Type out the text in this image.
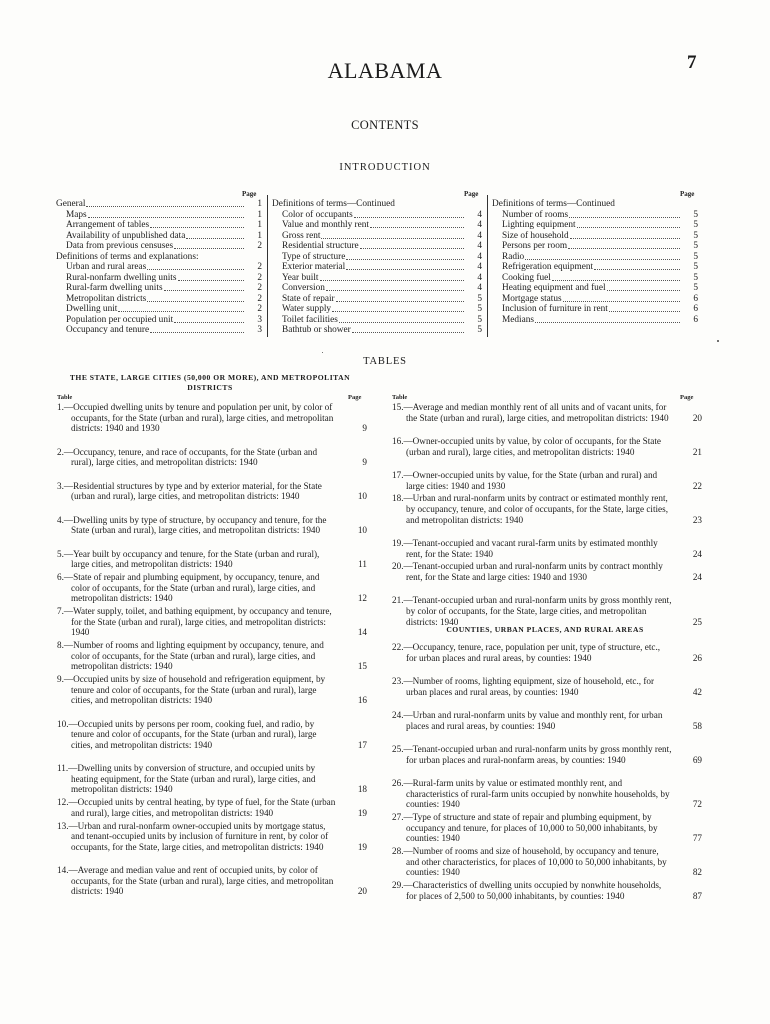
ALABAMA	7
CONTENTS
INTRODUCTION
Page	Page	Page
General	1
Maps	1
Arrangement of tables	1
Availability of unpublished data	1
Data from previous censuses	2
Definitions of terms and explanations:
Urban and rural areas	2
Rural-nonfarm dwelling units	2
Rural-farm dwelling units	2
Metropolitan districts	2
Dwelling unit	2
Population per occupied unit	3
Occupancy and tenure	3
Definitions of terms—Continued
Color of occupants	4
Value and monthly rent	4
Gross rent	4
Residential structure	4
Type of structure	4
Exterior material	4
Year built	4
Conversion	4
State of repair	5
Water supply	5
Toilet facilities	5
Bathtub or shower	5
Definitions of terms—Continued
Number of rooms	5
Lighting equipment	5
Size of household	5
Persons per room	5
Radio	5
Refrigeration equipment	5
Cooking fuel	5
Heating equipment and fuel	5
Mortgage status	6
Inclusion of furniture in rent	6
Medians	6
TABLES
THE STATE, LARGE CITIES (50,000 OR MORE), AND METROPOLITAN DISTRICTS
Table	Page	Table	Page
1.—Occupied dwelling units by tenure and population per unit, by color of occupants, for the State (urban and rural), large cities, and metropolitan districts: 1940 and 1930	9
2.—Occupancy, tenure, and race of occupants, for the State (urban and rural), large cities, and metropolitan districts: 1940	9
3.—Residential structures by type and by exterior material, for the State (urban and rural), large cities, and metropolitan districts: 1940	10
4.—Dwelling units by type of structure, by occupancy and tenure, for the State (urban and rural), large cities, and metropolitan districts: 1940	10
5.—Year built by occupancy and tenure, for the State (urban and rural), large cities, and metropolitan districts: 1940	11
6.—State of repair and plumbing equipment, by occupancy, tenure, and color of occupants, for the State (urban and rural), large cities, and metropolitan districts: 1940	12
7.—Water supply, toilet, and bathing equipment, by occupancy and tenure, for the State (urban and rural), large cities, and metropolitan districts: 1940	14
8.—Number of rooms and lighting equipment by occupancy, tenure, and color of occupants, for the State (urban and rural), large cities, and metropolitan districts: 1940	15
9.—Occupied units by size of household and refrigeration equipment, by tenure and color of occupants, for the State (urban and rural), large cities, and metropolitan districts: 1940	16
10.—Occupied units by persons per room, cooking fuel, and radio, by tenure and color of occupants, for the State (urban and rural), large cities, and metropolitan districts: 1940	17
11.—Dwelling units by conversion of structure, and occupied units by heating equipment, for the State (urban and rural), large cities, and metropolitan districts: 1940	18
12.—Occupied units by central heating, by type of fuel, for the State (urban and rural), large cities, and metropolitan districts: 1940	19
13.—Urban and rural-nonfarm owner-occupied units by mortgage status, and tenant-occupied units by inclusion of furniture in rent, by color of occupants, for the State, large cities, and metropolitan districts: 1940	19
14.—Average and median value and rent of occupied units, by color of occupants, for the State (urban and rural), large cities, and metropolitan districts: 1940	20
15.—Average and median monthly rent of all units and of vacant units, for the State (urban and rural), large cities, and metropolitan districts: 1940	20
16.—Owner-occupied units by value, by color of occupants, for the State (urban and rural), large cities, and metropolitan districts: 1940	21
17.—Owner-occupied units by value, for the State (urban and rural) and large cities: 1940 and 1930	22
18.—Urban and rural-nonfarm units by contract or estimated monthly rent, by occupancy, tenure, and color of occupants, for the State, large cities, and metropolitan districts: 1940	23
19.—Tenant-occupied and vacant rural-farm units by estimated monthly rent, for the State: 1940	24
20.—Tenant-occupied urban and rural-nonfarm units by contract monthly rent, for the State and large cities: 1940 and 1930	24
21.—Tenant-occupied urban and rural-nonfarm units by gross monthly rent, by color of occupants, for the State, large cities, and metropolitan districts: 1940	25
COUNTIES, URBAN PLACES, AND RURAL AREAS
22.—Occupancy, tenure, race, population per unit, type of structure, etc., for urban places and rural areas, by counties: 1940	26
23.—Number of rooms, lighting equipment, size of household, etc., for urban places and rural areas, by counties: 1940	42
24.—Urban and rural-nonfarm units by value and monthly rent, for urban places and rural areas, by counties: 1940	58
25.—Tenant-occupied urban and rural-nonfarm units by gross monthly rent, for urban places and rural-nonfarm areas, by counties: 1940	69
26.—Rural-farm units by value or estimated monthly rent, and characteristics of rural-farm units occupied by nonwhite households, by counties: 1940	72
27.—Type of structure and state of repair and plumbing equipment, by occupancy and tenure, for places of 10,000 to 50,000 inhabitants, by counties: 1940	77
28.—Number of rooms and size of household, by occupancy and tenure, and other characteristics, for places of 10,000 to 50,000 inhabitants, by counties: 1940	82
29.—Characteristics of dwelling units occupied by nonwhite households, for places of 2,500 to 50,000 inhabitants, by counties: 1940	87
